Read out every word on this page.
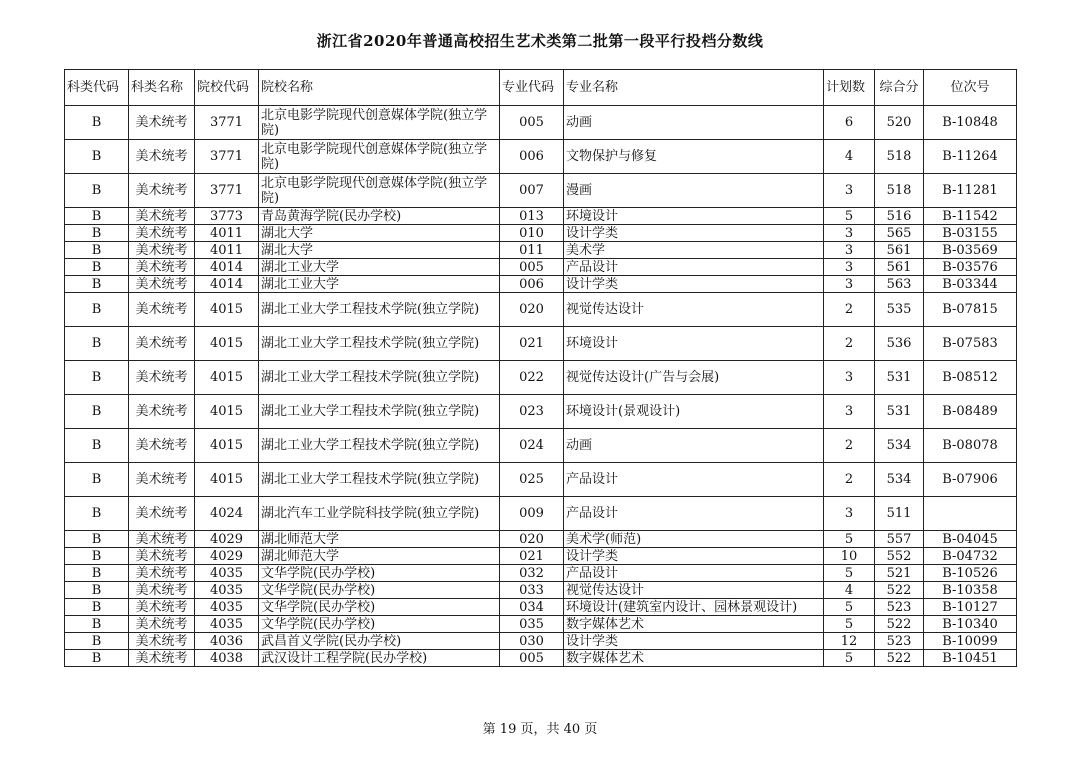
浙江省2020年普通高校招生艺术类第二批第一段平行投档分数线
科类代码	科类名称	院校代码	院校名称	专业代码	专业名称	计划数	综合分	位次号
B	美术统考	3771	北京电影学院现代创意媒体学院(独立学院)	005	动画	6	520	B-10848
B	美术统考	3771	北京电影学院现代创意媒体学院(独立学院)	006	文物保护与修复	4	518	B-11264
B	美术统考	3771	北京电影学院现代创意媒体学院(独立学院)	007	漫画	3	518	B-11281
B	美术统考	3773	青岛黄海学院(民办学校)	013	环境设计	5	516	B-11542
B	美术统考	4011	湖北大学	010	设计学类	3	565	B-03155
B	美术统考	4011	湖北大学	011	美术学	3	561	B-03569
B	美术统考	4014	湖北工业大学	005	产品设计	3	561	B-03576
B	美术统考	4014	湖北工业大学	006	设计学类	3	563	B-03344
B	美术统考	4015	湖北工业大学工程技术学院(独立学院)	020	视觉传达设计	2	535	B-07815
B	美术统考	4015	湖北工业大学工程技术学院(独立学院)	021	环境设计	2	536	B-07583
B	美术统考	4015	湖北工业大学工程技术学院(独立学院)	022	视觉传达设计(广告与会展)	3	531	B-08512
B	美术统考	4015	湖北工业大学工程技术学院(独立学院)	023	环境设计(景观设计)	3	531	B-08489
B	美术统考	4015	湖北工业大学工程技术学院(独立学院)	024	动画	2	534	B-08078
B	美术统考	4015	湖北工业大学工程技术学院(独立学院)	025	产品设计	2	534	B-07906
B	美术统考	4024	湖北汽车工业学院科技学院(独立学院)	009	产品设计	3	511	
B	美术统考	4029	湖北师范大学	020	美术学(师范)	5	557	B-04045
B	美术统考	4029	湖北师范大学	021	设计学类	10	552	B-04732
B	美术统考	4035	文华学院(民办学校)	032	产品设计	5	521	B-10526
B	美术统考	4035	文华学院(民办学校)	033	视觉传达设计	4	522	B-10358
B	美术统考	4035	文华学院(民办学校)	034	环境设计(建筑室内设计、园林景观设计)	5	523	B-10127
B	美术统考	4035	文华学院(民办学校)	035	数字媒体艺术	5	522	B-10340
B	美术统考	4036	武昌首义学院(民办学校)	030	设计学类	12	523	B-10099
B	美术统考	4038	武汉设计工程学院(民办学校)	005	数字媒体艺术	5	522	B-10451
第 19 页，共 40 页
